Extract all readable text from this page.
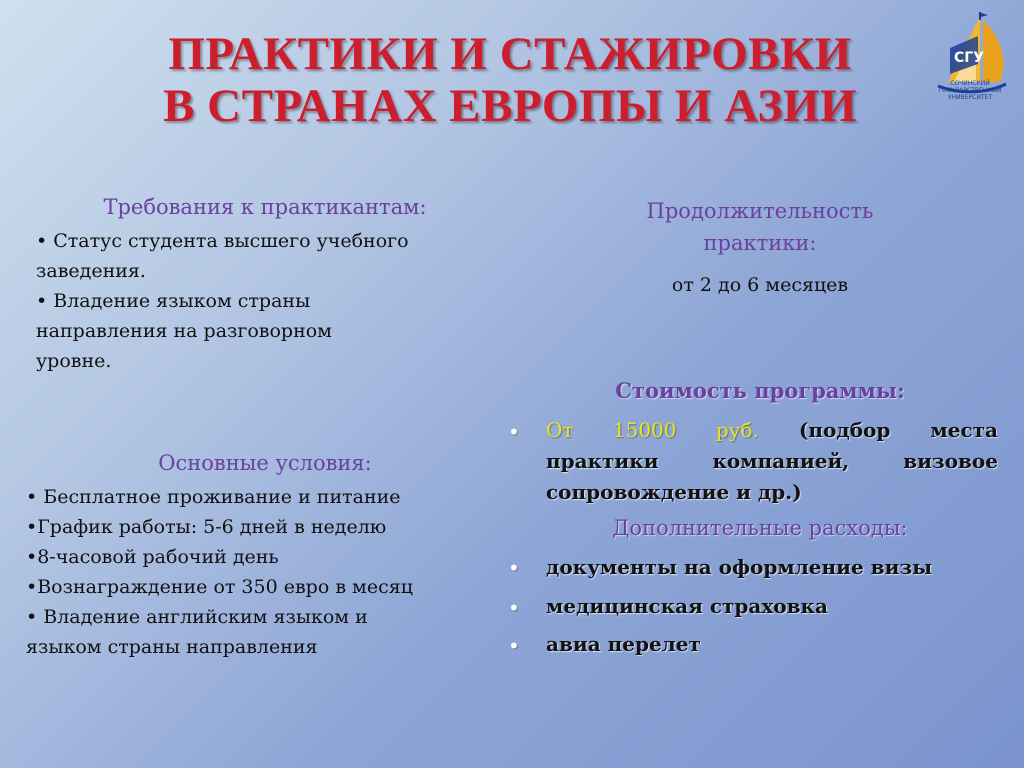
ПРАКТИКИ И СТАЖИРОВКИ
В СТРАНАХ ЕВРОПЫ И АЗИИ
СГУ
СОЧИНСКИЙ ГОСУДАРСТВЕННЫЙ УНИВЕРСИТЕТ
Требования к практикантам:
• Статус студента высшего учебного
заведения.
• Владение языком страны
направления на разговорном
уровне.
Продолжительность
практики:
от 2 до 6 месяцев
Основные условия:
• Бесплатное проживание и питание
•График работы: 5-6 дней в неделю
•8-часовой рабочий день
•Вознаграждение от 350 евро в месяц
• Владение английским языком и
языком страны направления
Стоимость программы:
• От 15000 руб. (подбор места
практики компанией, визовое
сопровождение и др.)
Дополнительные расходы:
• документы на оформление визы
• медицинская страховка
• авиа перелет
